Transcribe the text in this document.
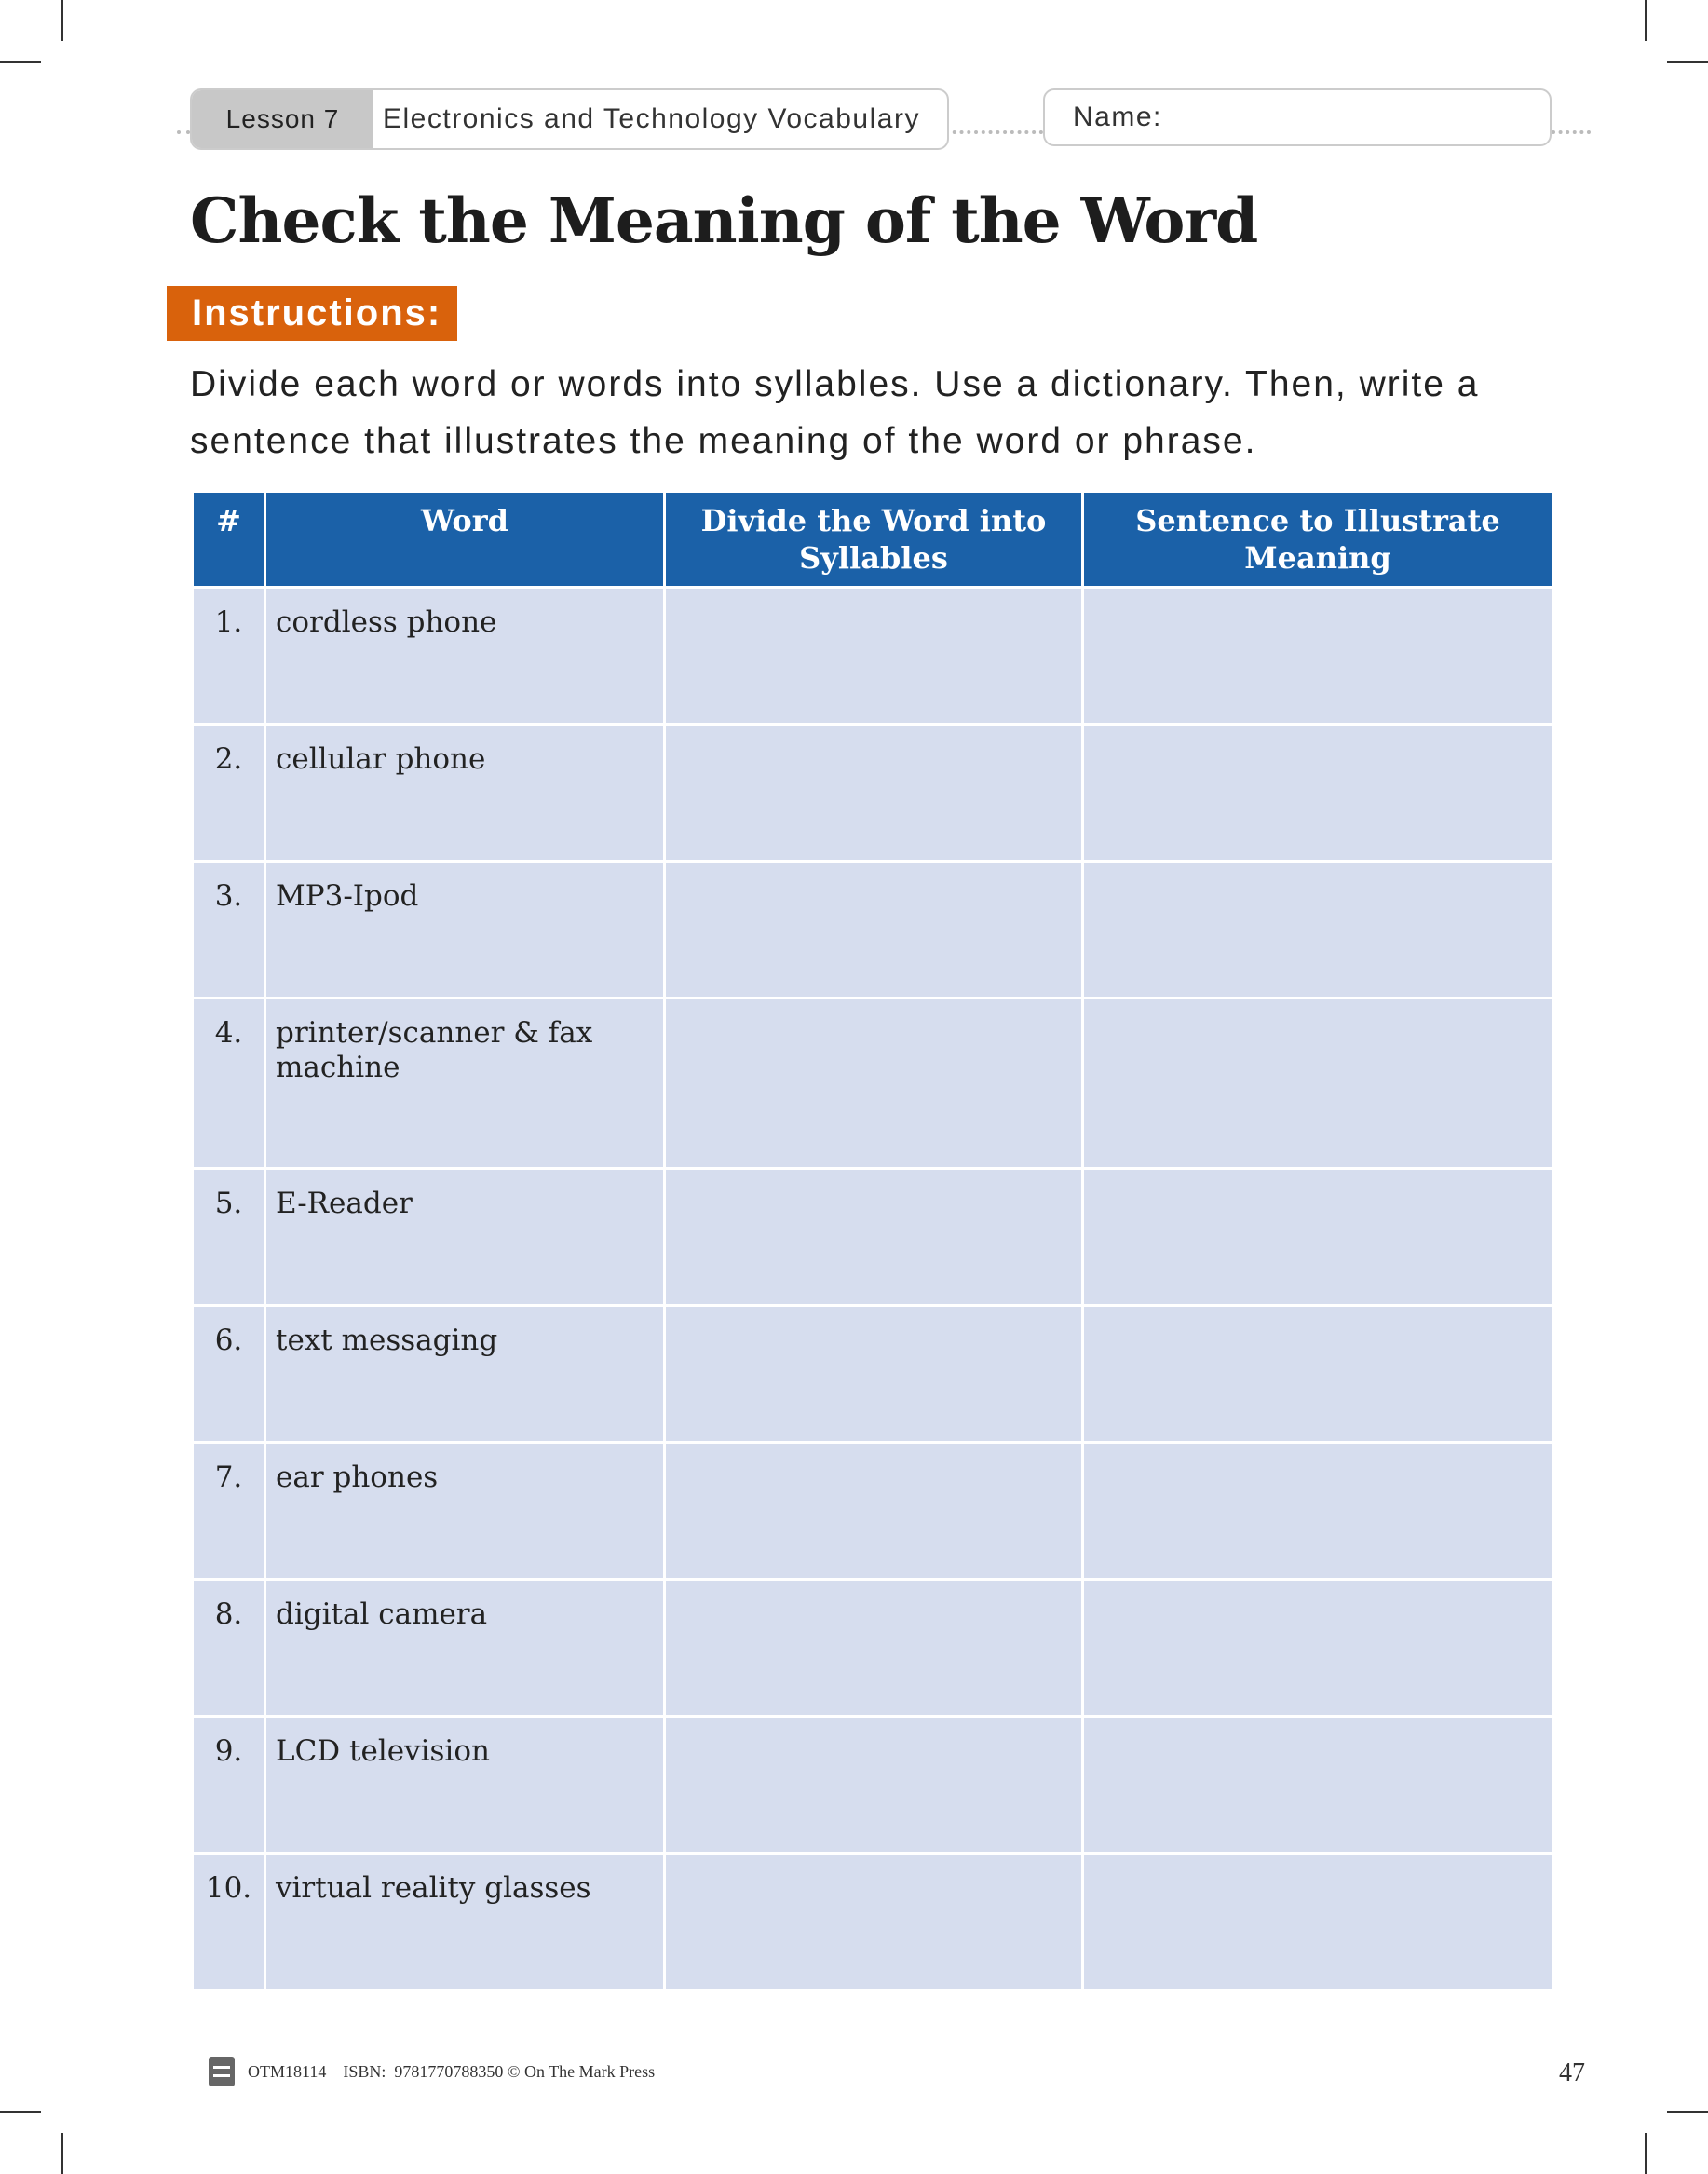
Lesson 7	Electronics and Technology Vocabulary	Name:
Check the Meaning of the Word
Instructions:
Divide each word or words into syllables. Use a dictionary. Then, write a sentence that illustrates the meaning of the word or phrase.
#	Word	Divide the Word into Syllables	Sentence to Illustrate Meaning
1.	cordless phone		
2.	cellular phone		
3.	MP3-Ipod		
4.	printer/scanner & fax machine		
5.	E-Reader		
6.	text messaging		
7.	ear phones		
8.	digital camera		
9.	LCD television		
10.	virtual reality glasses		
OTM18114    ISBN:  9781770788350 © On The Mark Press	47
